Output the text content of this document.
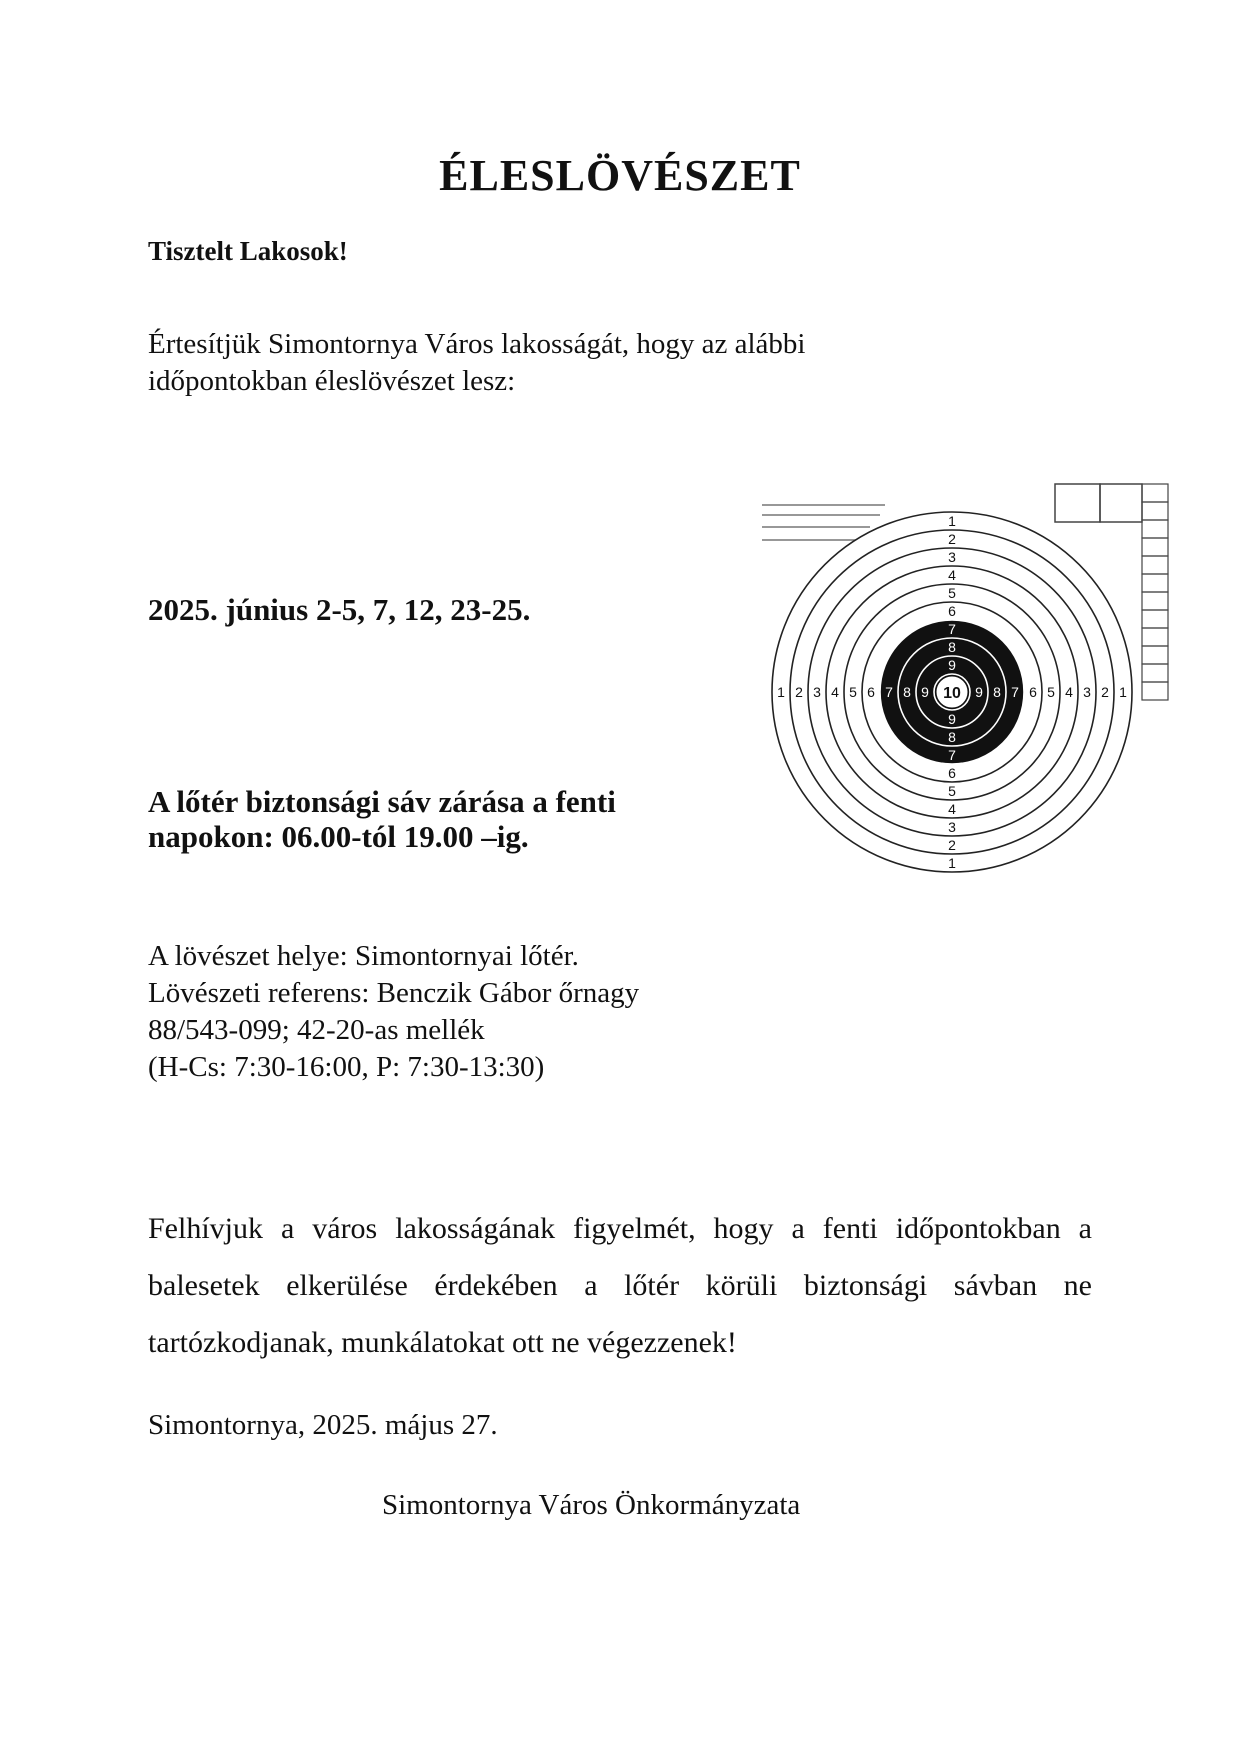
ÉLESLÖVÉSZET
Tisztelt Lakosok!
Értesítjük Simontornya Város lakosságát, hogy az alábbi
időpontokban éleslövészet lesz:
2025. június 2-5, 7, 12, 23-25.
A lőtér biztonsági sáv zárása a fenti
napokon: 06.00-tól 19.00 –ig.
A lövészet helye: Simontornyai lőtér.
Lövészeti referens: Benczik Gábor őrnagy
88/543-099; 42-20-as mellék
(H-Cs: 7:30-16:00, P: 7:30-13:30)
Felhívjuk a város lakosságának figyelmét, hogy a fenti időpontokban a balesetek elkerülése érdekében a lőtér körüli biztonsági sávban ne tartózkodjanak, munkálatokat ott ne végezzenek!
Simontornya, 2025. május 27.
Simontornya Város Önkormányzata
1
1
1	1
2
2
2	2
3
3
3	3
4
4
4	4
5
5
5	5
6
6
6	6
7
7
7	7
8
8
8	8
9
9
9	9
10
